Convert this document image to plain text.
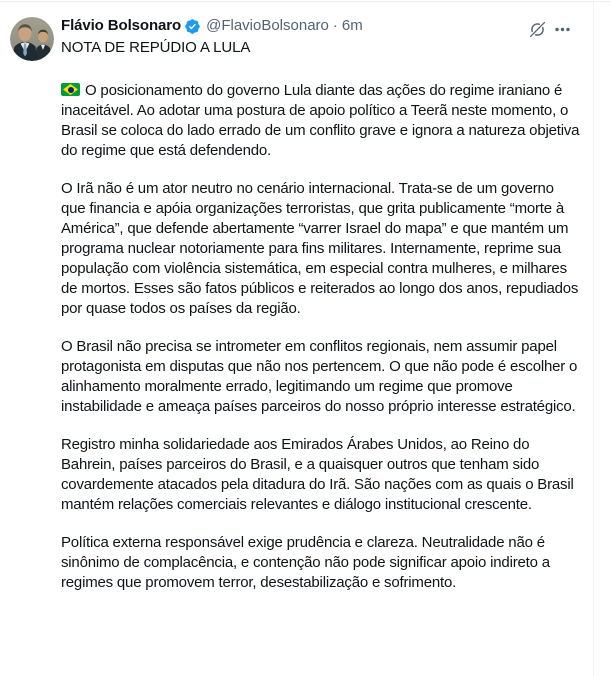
Flávio Bolsonaro @FlavioBolsonaro · 6m
NOTA DE REPÚDIO A LULA

O posicionamento do governo Lula diante das ações do regime iraniano é inaceitável. Ao adotar uma postura de apoio político a Teerã neste momento, o Brasil se coloca do lado errado de um conflito grave e ignora a natureza objetiva do regime que está defendendo.

O Irã não é um ator neutro no cenário internacional. Trata-se de um governo que financia e apóia organizações terroristas, que grita publicamente “morte à América”, que defende abertamente “varrer Israel do mapa” e que mantém um programa nuclear notoriamente para fins militares. Internamente, reprime sua população com violência sistemática, em especial contra mulheres, e milhares de mortos. Esses são fatos públicos e reiterados ao longo dos anos, repudiados por quase todos os países da região.

O Brasil não precisa se intrometer em conflitos regionais, nem assumir papel protagonista em disputas que não nos pertencem. O que não pode é escolher o alinhamento moralmente errado, legitimando um regime que promove instabilidade e ameaça países parceiros do nosso próprio interesse estratégico.

Registro minha solidariedade aos Emirados Árabes Unidos, ao Reino do Bahrein, países parceiros do Brasil, e a quaisquer outros que tenham sido covardemente atacados pela ditadura do Irã. São nações com as quais o Brasil mantém relações comerciais relevantes e diálogo institucional crescente.

Política externa responsável exige prudência e clareza. Neutralidade não é sinônimo de complacência, e contenção não pode significar apoio indireto a regimes que promovem terror, desestabilização e sofrimento.
